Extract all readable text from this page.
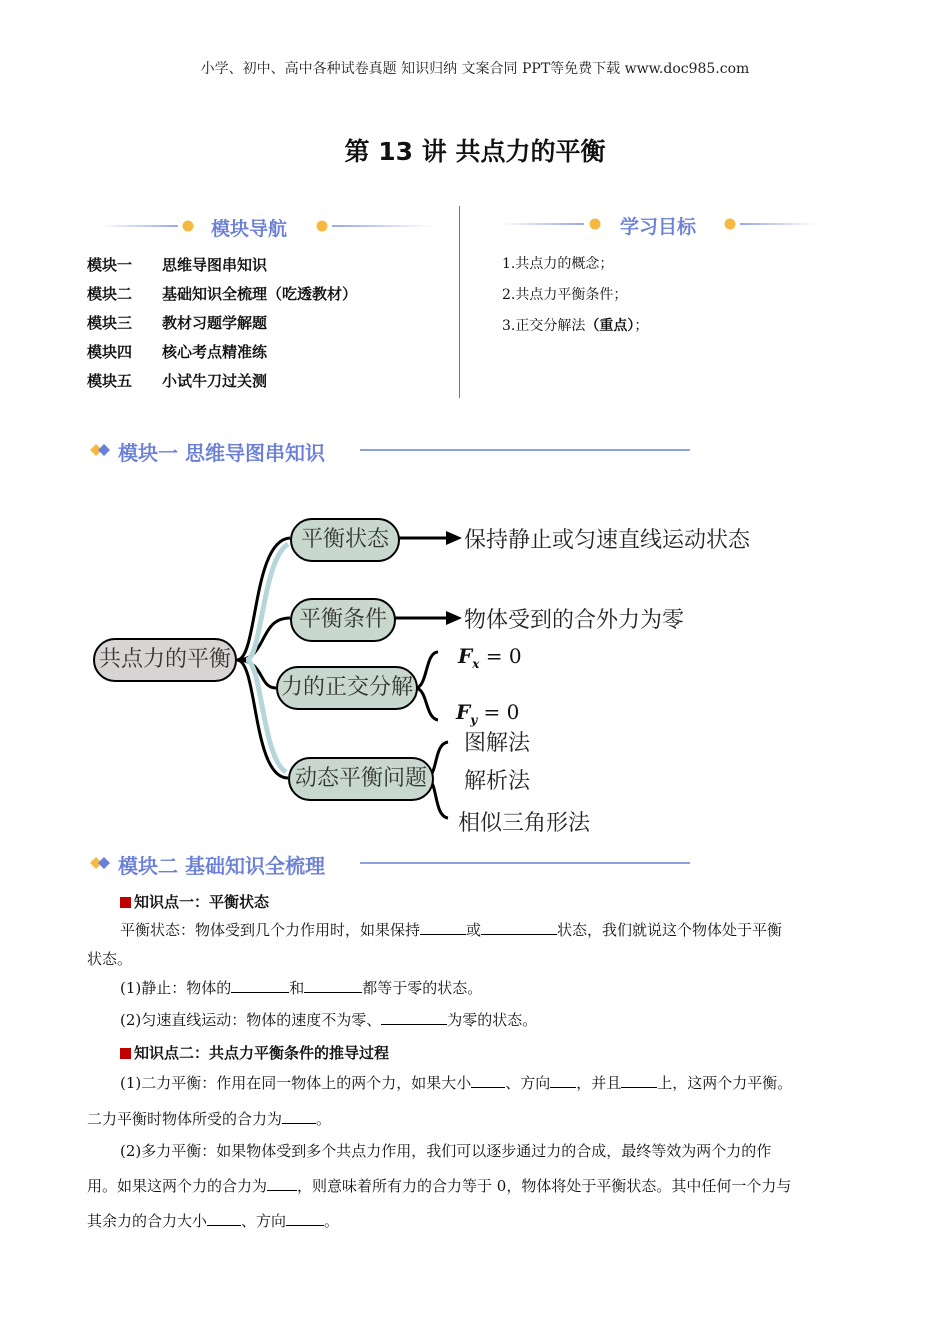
小学、初中、高中各种试卷真题 知识归纳 文案合同 PPT等免费下载 www.doc985.com
第 13 讲 共点力的平衡
模块导航
模块一	思维导图串知识
模块二	基础知识全梳理（吃透教材）
模块三	教材习题学解题
模块四	核心考点精准练
模块五	小试牛刀过关测
学习目标
1.共点力的概念；
2.共点力平衡条件；
3.正交分解法（重点）；
模块一 思维导图串知识
共点力的平衡
平衡状态	保持静止或匀速直线运动状态
平衡条件	物体受到的合外力为零
力的正交分解
$F_x = 0$
$F_y = 0$
动态平衡问题
图解法
解析法
相似三角形法
模块二 基础知识全梳理
知识点一：平衡状态
平衡状态：物体受到几个力作用时，如果保持	或	状态，我们就说这个物体处于平衡
状态。
(1)静止：物体的	和	都等于零的状态。
(2)匀速直线运动：物体的速度不为零、	为零的状态。
知识点二：共点力平衡条件的推导过程
(1)二力平衡：作用在同一物体上的两个力，如果大小 、方向 ，并且 上，这两个力平衡。
二力平衡时物体所受的合力为 。
(2)多力平衡：如果物体受到多个共点力作用，我们可以逐步通过力的合成，最终等效为两个力的作
用。如果这两个力的合力为 ，则意味着所有力的合力等于 0，物体将处于平衡状态。其中任何一个力与
其余力的合力大小 、方向	。
